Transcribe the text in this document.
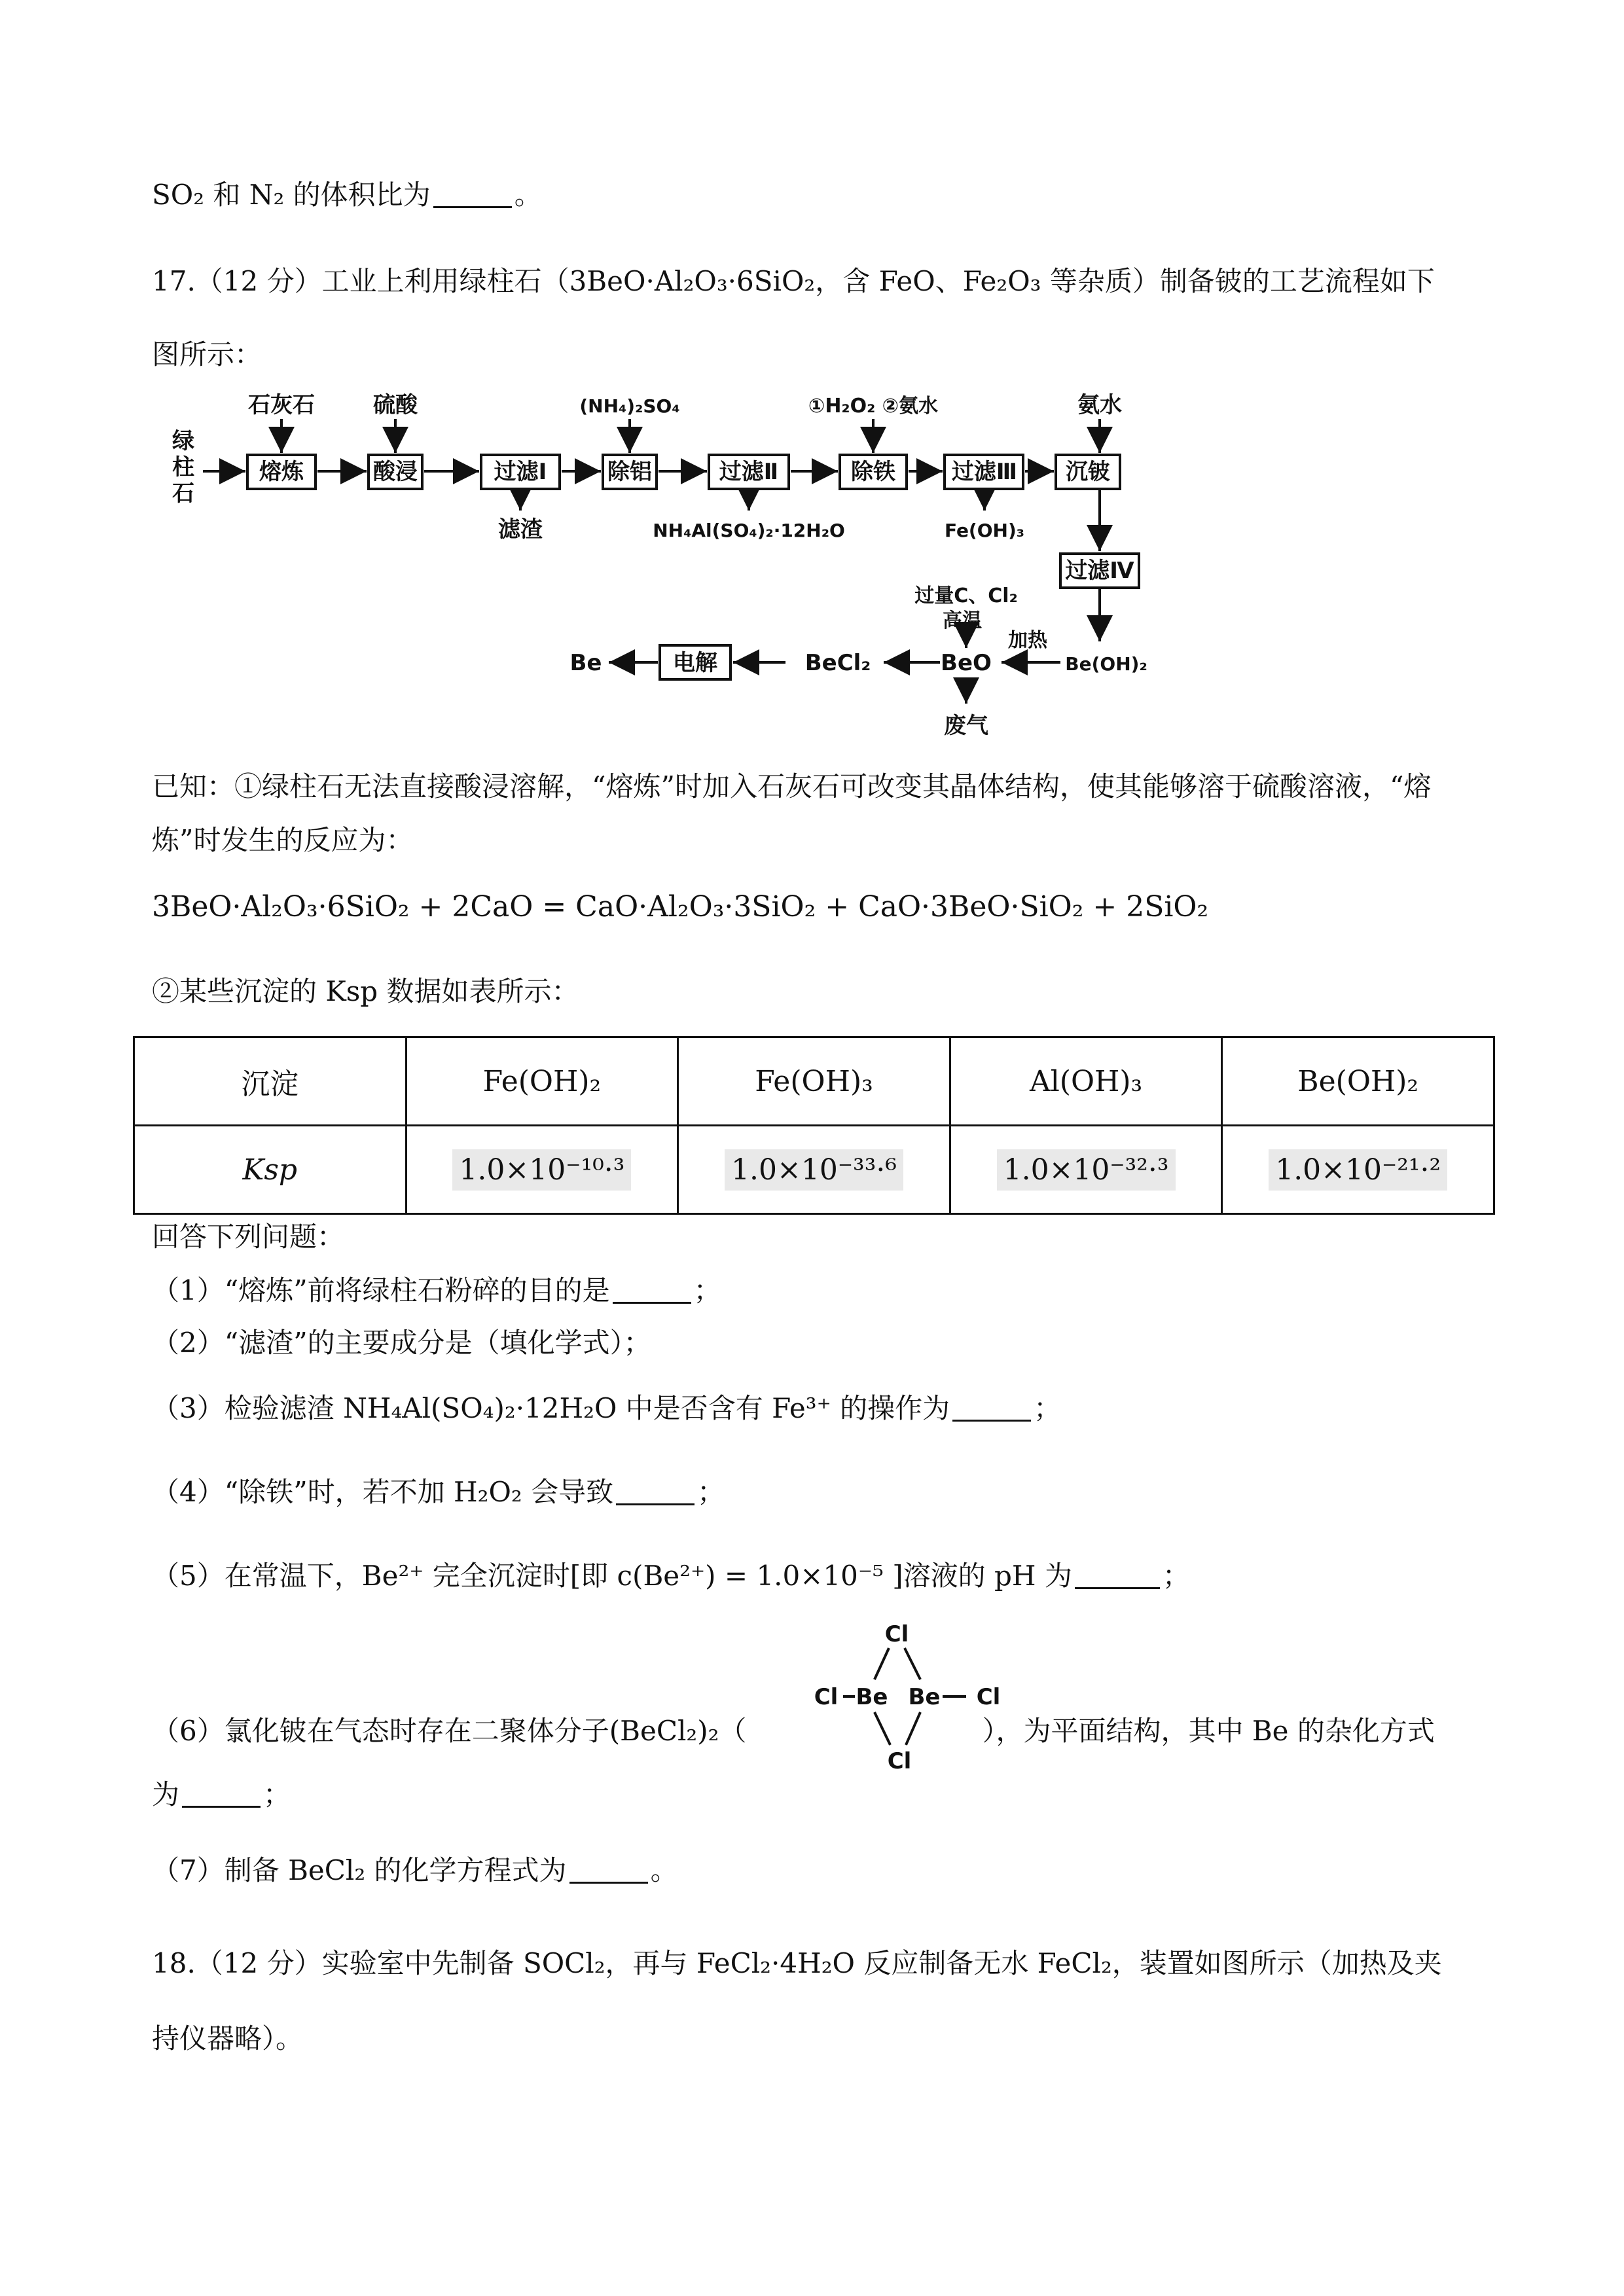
SO₂ 和 N₂ 的体积比为	。
17.（12 分）工业上利用绿柱石（3BeO·Al₂O₃·6SiO₂，含 FeO、Fe₂O₃ 等杂质）制备铍的工艺流程如下
图所示：
绿柱石
熔炼	酸浸	过滤Ⅰ	除铝	过滤Ⅱ	除铁	过滤Ⅲ 沉铍
石灰石	硫酸	(NH₄)₂SO₄	①H₂O₂ ②氨水	氨水
滤渣	NH₄Al(SO₄)₂·12H₂O	Fe(OH)₃
过滤Ⅳ
Be(OH)₂
加热
BeO
过量C、Cl₂
高温
废气
BeCl₂
电解
Be
已知：①绿柱石无法直接酸浸溶解，“熔炼”时加入石灰石可改变其晶体结构，使其能够溶于硫酸溶液，“熔
炼”时发生的反应为：
3BeO·Al₂O₃·6SiO₂ + 2CaO = CaO·Al₂O₃·3SiO₂ + CaO·3BeO·SiO₂ + 2SiO₂
②某些沉淀的 Ksp 数据如表所示：
沉淀	Fe(OH)₂	Fe(OH)₃	Al(OH)₃	Be(OH)₂
Ksp	1.0×10⁻¹⁰·³	1.0×10⁻³³·⁶	1.0×10⁻³²·³	1.0×10⁻²¹·²
回答下列问题：
（1）“熔炼”前将绿柱石粉碎的目的是	；
（2）“滤渣”的主要成分是（填化学式）；
（3）检验滤渣 NH₄Al(SO₄)₂·12H₂O 中是否含有 Fe³⁺ 的操作为	；
（4）“除铁”时，若不加 H₂O₂ 会导致	；
（5）在常温下，Be²⁺ 完全沉淀时[即 c(Be²⁺) = 1.0×10⁻⁵ ]溶液的 pH 为	；
Cl
Cl Be Be Cl
Cl
（6）氯化铍在气态时存在二聚体分子(BeCl₂)₂（	），为平面结构，其中 Be 的杂化方式
为	；
（7）制备 BeCl₂ 的化学方程式为	。
18.（12 分）实验室中先制备 SOCl₂，再与 FeCl₂·4H₂O 反应制备无水 FeCl₂，装置如图所示（加热及夹
持仪器略）。
